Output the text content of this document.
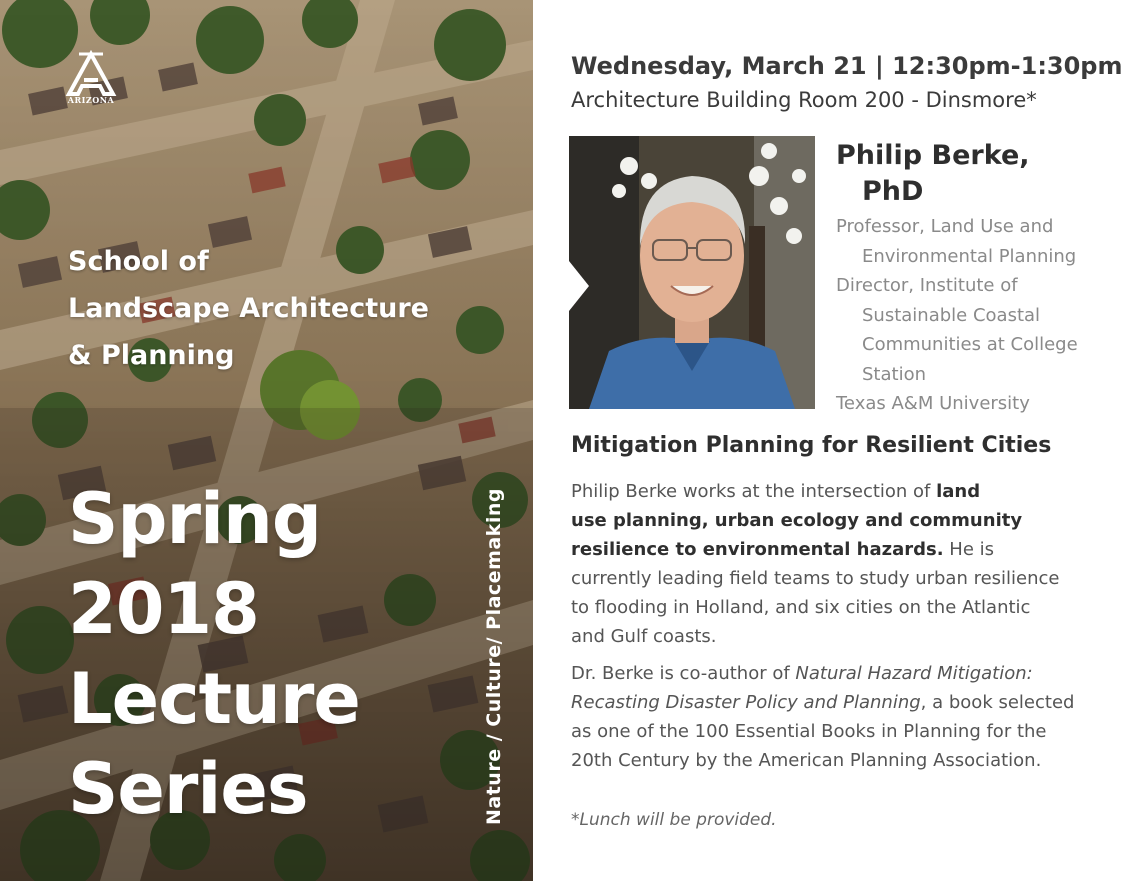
ARIZONA
School of
Landscape Architecture
& Planning
Spring
2018
Lecture
Series	Nature / Culture/ Placemaking
Wednesday, March 21 | 12:30pm-1:30pm
Architecture Building Room 200 - Dinsmore*
Philip Berke,
PhD
Professor, Land Use and
Environmental Planning
Director, Institute of
Sustainable Coastal
Communities at College
Station
Texas A&M University
Mitigation Planning for Resilient Cities
Philip Berke works at the intersection of land
use planning, urban ecology and community
resilience to environmental hazards. He is
currently leading field teams to study urban resilience
to flooding in Holland, and six cities on the Atlantic
and Gulf coasts.
Dr. Berke is co-author of Natural Hazard Mitigation:
Recasting Disaster Policy and Planning, a book selected
as one of the 100 Essential Books in Planning for the
20th Century by the American Planning Association.
*Lunch will be provided.
